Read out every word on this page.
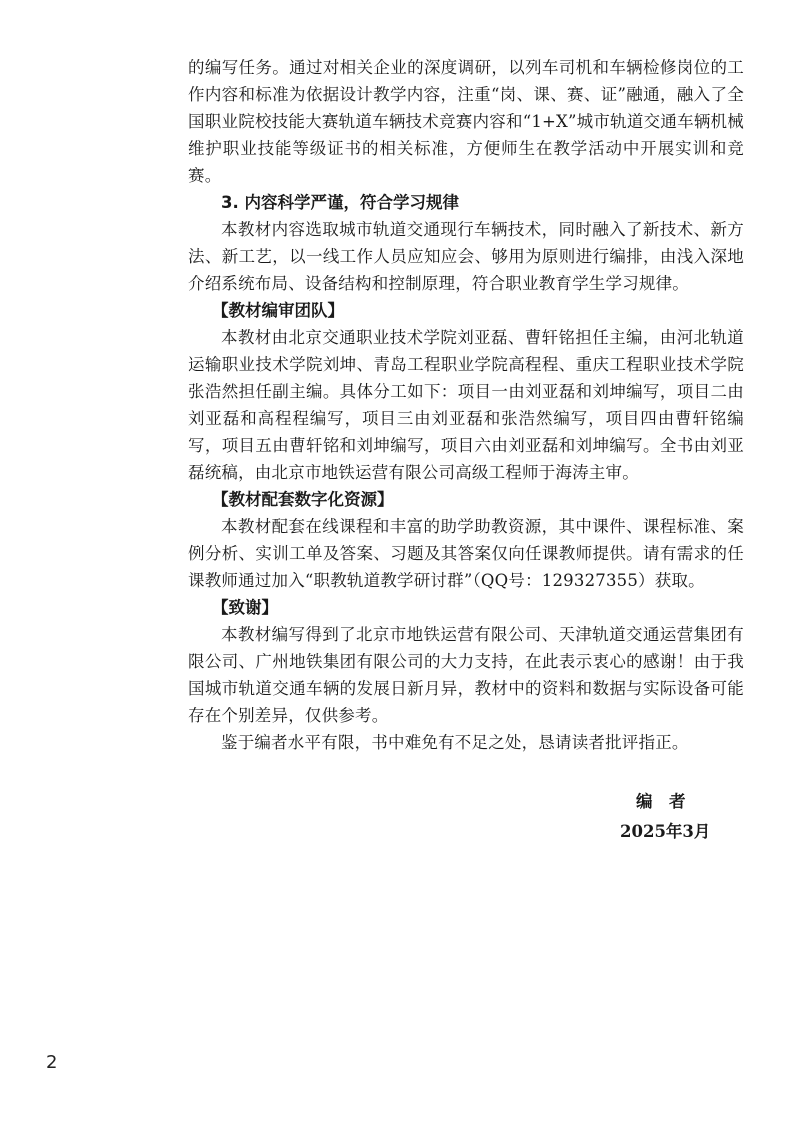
的编写任务。通过对相关企业的深度调研，以列车司机和车辆检修岗位的工作内容和标准为依据设计教学内容，注重“岗、课、赛、证”融通，融入了全国职业院校技能大赛轨道车辆技术竞赛内容和“1+X”城市轨道交通车辆机械维护职业技能等级证书的相关标准，方便师生在教学活动中开展实训和竞赛。

3. 内容科学严谨，符合学习规律

本教材内容选取城市轨道交通现行车辆技术，同时融入了新技术、新方法、新工艺，以一线工作人员应知应会、够用为原则进行编排，由浅入深地介绍系统布局、设备结构和控制原理，符合职业教育学生学习规律。

【教材编审团队】

本教材由北京交通职业技术学院刘亚磊、曹轩铭担任主编，由河北轨道运输职业技术学院刘坤、青岛工程职业学院高程程、重庆工程职业技术学院张浩然担任副主编。具体分工如下：项目一由刘亚磊和刘坤编写，项目二由刘亚磊和高程程编写，项目三由刘亚磊和张浩然编写，项目四由曹轩铭编写，项目五由曹轩铭和刘坤编写，项目六由刘亚磊和刘坤编写。全书由刘亚磊统稿，由北京市地铁运营有限公司高级工程师于海涛主审。

【教材配套数字化资源】

本教材配套在线课程和丰富的助学助教资源，其中课件、课程标准、案例分析、实训工单及答案、习题及其答案仅向任课教师提供。请有需求的任课教师通过加入“职教轨道教学研讨群”（QQ号：129327355）获取。

【致谢】

本教材编写得到了北京市地铁运营有限公司、天津轨道交通运营集团有限公司、广州地铁集团有限公司的大力支持，在此表示衷心的感谢！由于我国城市轨道交通车辆的发展日新月异，教材中的资料和数据与实际设备可能存在个别差异，仅供参考。

鉴于编者水平有限，书中难免有不足之处，恳请读者批评指正。

编　者
2025年3月
2
